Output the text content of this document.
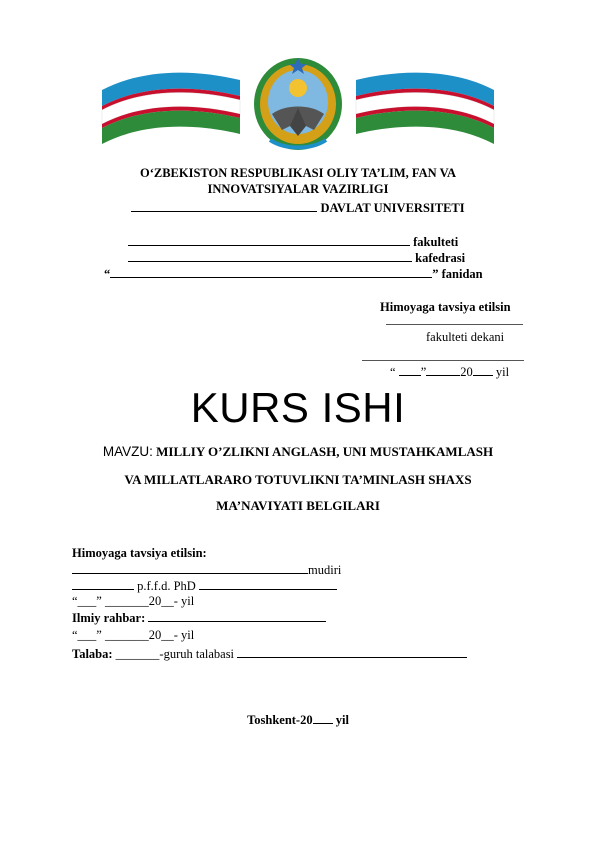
O‘ZBEKISTON RESPUBLIKASI OLIY TA’LIM, FAN VA
INNOVATSIYALAR VAZIRLIGI
DAVLAT UNIVERSITETI
fakulteti
kafedrasi
“	” fanidan
Himoyaga tavsiya etilsin
fakulteti dekani
“ ”	20 yil
KURS ISHI
MAVZU: MILLIY O’ZLIKNI ANGLASH, UNI MUSTAHKAMLASH
VA MILLATLARARO TOTUVLIKNI TA’MINLASH SHAXS
MA’NAVIYATI BELGILARI
Himoyaga tavsiya etilsin:
mudiri
p.f.f.d. PhD
“___” _______20__- yil
Ilmiy rahbar:
“___” _______20__- yil
Talaba: _______-guruh talabasi
Toshkent-20 yil
